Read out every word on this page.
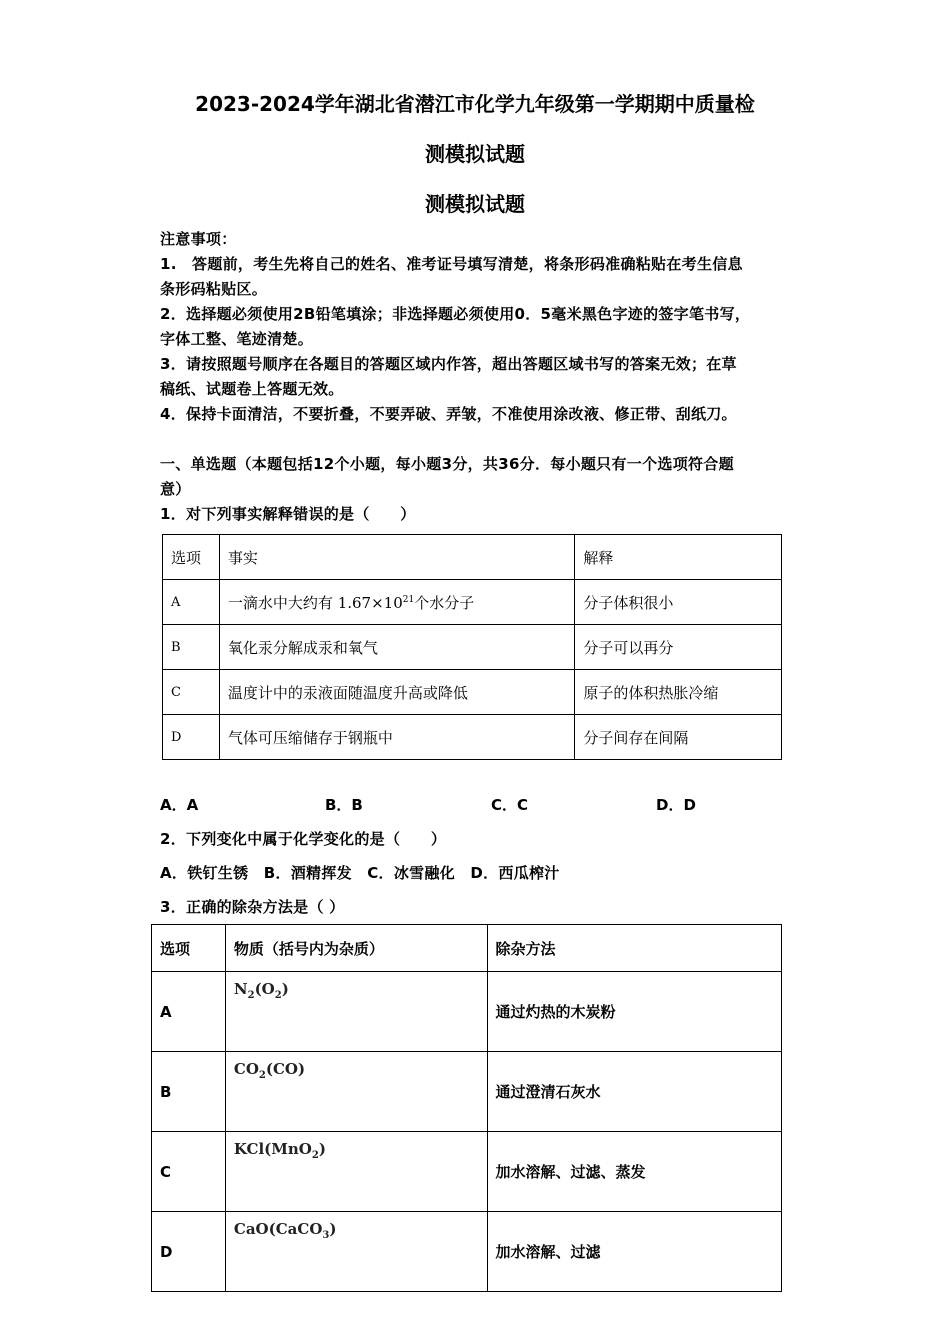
2023-2024学年湖北省潜江市化学九年级第一学期期中质量检
测模拟试题
测模拟试题
注意事项：
1.　答题前，考生先将自己的姓名、准考证号填写清楚，将条形码准确粘贴在考生信息
条形码粘贴区。
2．选择题必须使用2B铅笔填涂；非选择题必须使用0．5毫米黑色字迹的签字笔书写，
字体工整、笔迹清楚。
3．请按照题号顺序在各题目的答题区域内作答，超出答题区域书写的答案无效；在草
稿纸、试题卷上答题无效。
4．保持卡面清洁，不要折叠，不要弄破、弄皱，不准使用涂改液、修正带、刮纸刀。
一、单选题（本题包括12个小题，每小题3分，共36分．每小题只有一个选项符合题
意）
1．对下列事实解释错误的是（　　）
选项	事实	解释
A	一滴水中大约有 $1.67\times 10^{21}$个水分子	分子体积很小
B	氧化汞分解成汞和氧气	分子可以再分
C	温度计中的汞液面随温度升高或降低	原子的体积热胀冷缩
D	气体可压缩储存于钢瓶中	分子间存在间隔
A．A	B．B	C．C	D．D
2．下列变化中属于化学变化的是（　　）
A．铁钉生锈　B．酒精挥发　C．冰雪融化　D．西瓜榨汁
3．正确的除杂方法是（ ）
选项	物质（括号内为杂质）	除杂方法
A	$N_2(O_2)$	通过灼热的木炭粉
B	$CO_2(CO)$	通过澄清石灰水
C	KCl(MnO$_2$)	加水溶解、过滤、蒸发
D	CaO(CaCO$_3$)	加水溶解、过滤
